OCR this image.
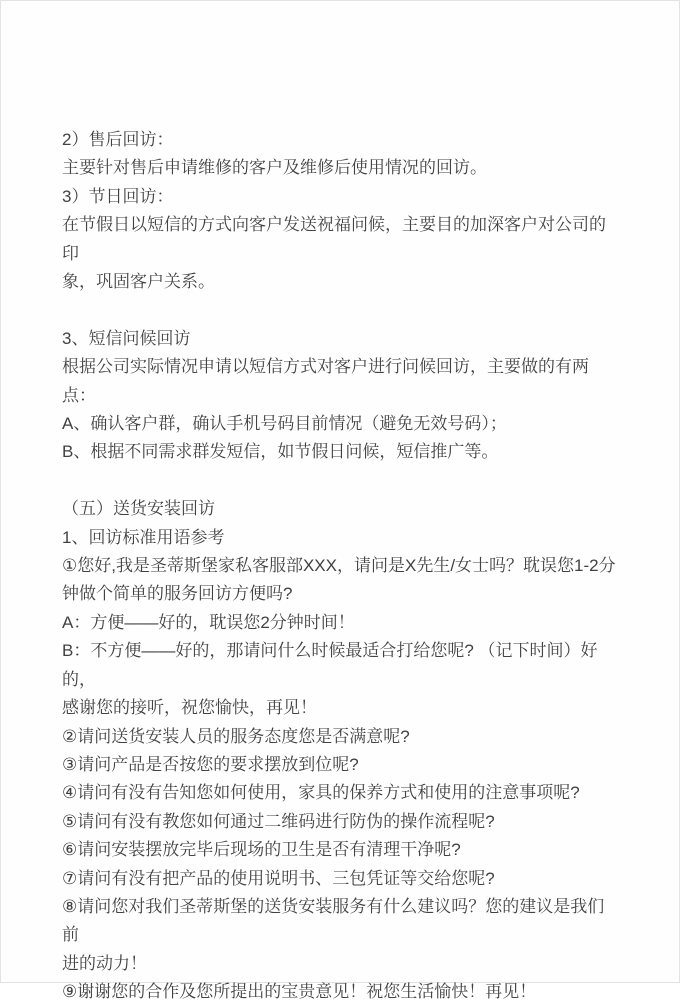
2）售后回访：
主要针对售后申请维修的客户及维修后使用情况的回访。
3）节日回访：
在节假日以短信的方式向客户发送祝福问候，主要目的加深客户对公司的印
象，巩固客户关系。
3、短信问候回访
根据公司实际情况申请以短信方式对客户进行问候回访，主要做的有两点：
A、确认客户群，确认手机号码目前情况（避免无效号码）；
B、根据不同需求群发短信，如节假日问候，短信推广等。
（五）送货安装回访
1、回访标准用语参考
①您好,我是圣蒂斯堡家私客服部XXX，请问是X先生/女士吗？耽误您1-2分
钟做个简单的服务回访方便吗?
A：方便——好的，耽误您2分钟时间！
B：不方便——好的，那请问什么时候最适合打给您呢? （记下时间）好的，
感谢您的接听，祝您愉快，再见！
②请问送货安装人员的服务态度您是否满意呢?
③请问产品是否按您的要求摆放到位呢?
④请问有没有告知您如何使用，家具的保养方式和使用的注意事项呢?
⑤请问有没有教您如何通过二维码进行防伪的操作流程呢?
⑥请问安装摆放完毕后现场的卫生是否有清理干净呢?
⑦请问有没有把产品的使用说明书、三包凭证等交给您呢?
⑧请问您对我们圣蒂斯堡的送货安装服务有什么建议吗？您的建议是我们前
进的动力！
⑨谢谢您的合作及您所提出的宝贵意见！祝您生活愉快！再见！
